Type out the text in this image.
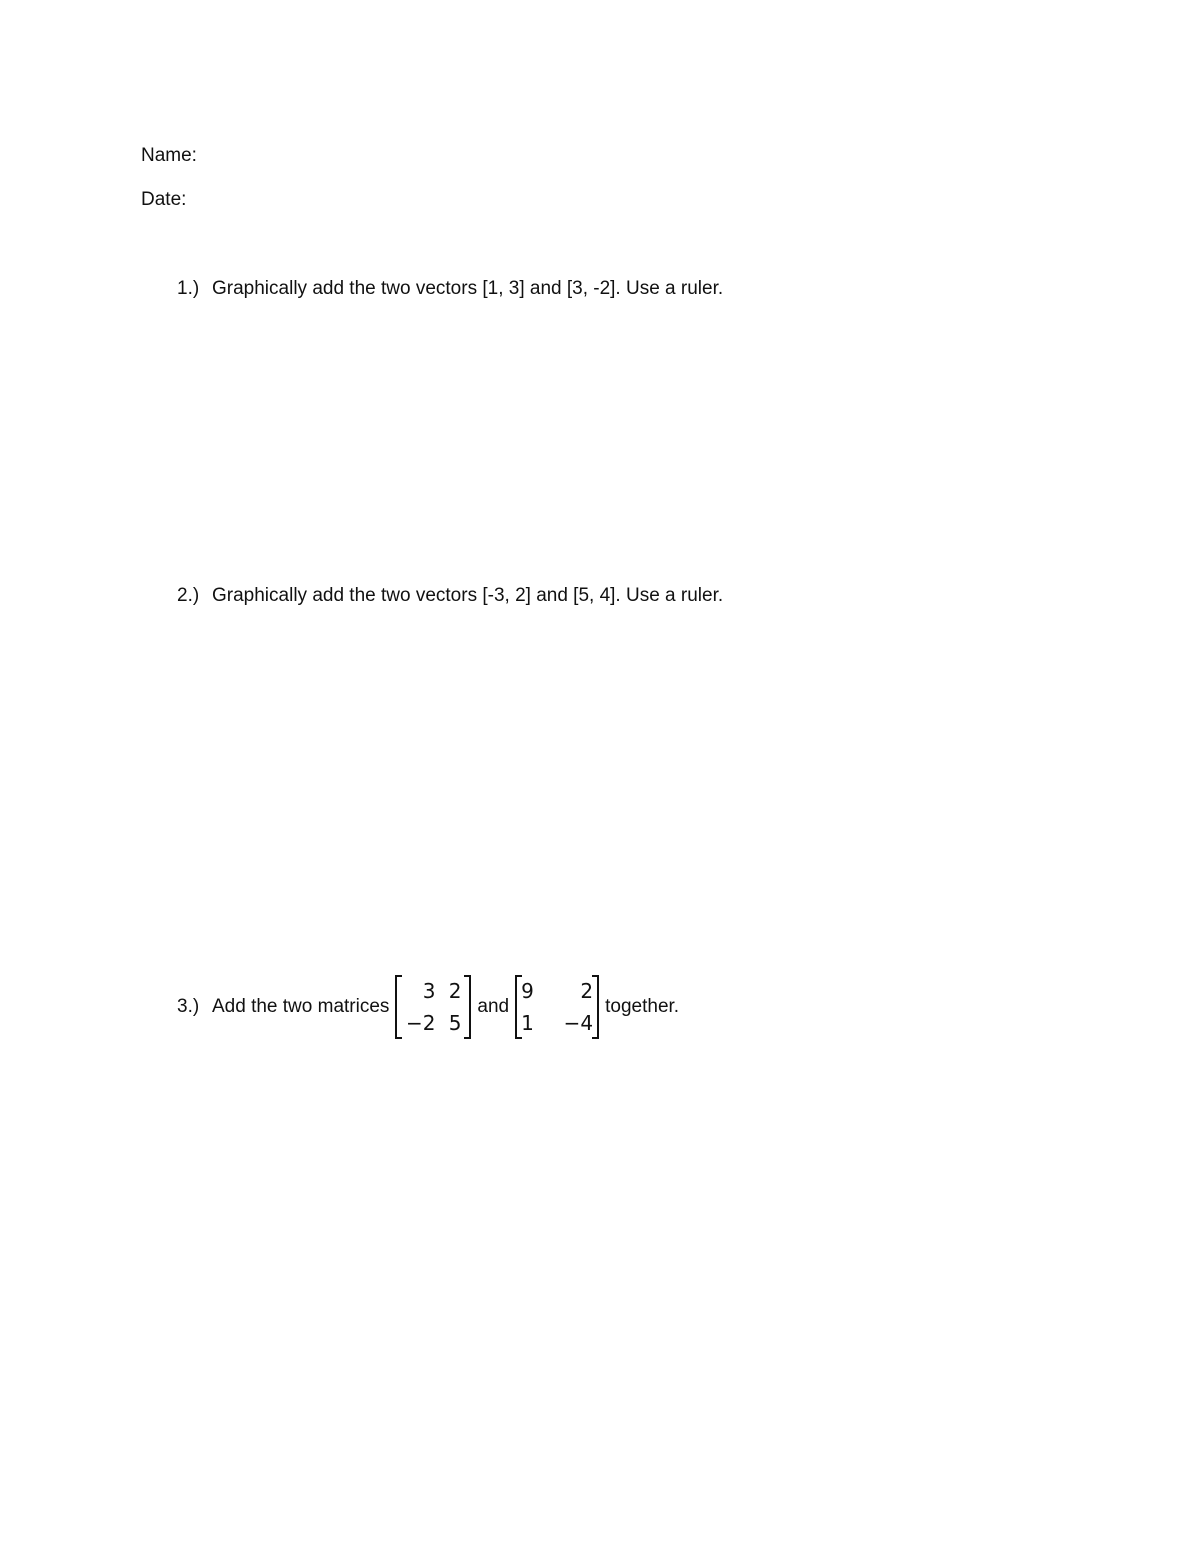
Name:
Date:
1.) Graphically add the two vectors [1, 3] and [3, -2]. Use a ruler.
2.) Graphically add the two vectors [-3, 2] and [5, 4]. Use a ruler.
3.) Add the two matrices
3 2
−2 5
and
9	2
1	−4
together.
